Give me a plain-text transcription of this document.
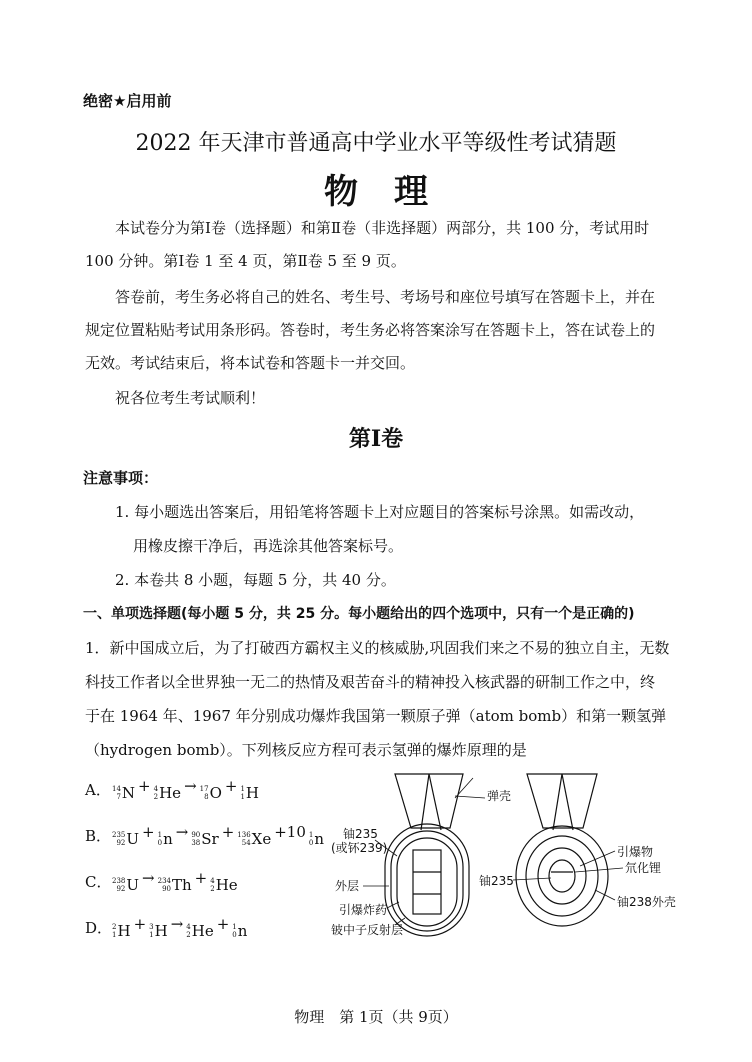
绝密★启用前
2022 年天津市普通高中学业水平等级性考试猜题
物理
本试卷分为第Ⅰ卷（选择题）和第Ⅱ卷（非选择题）两部分，共 100 分，考试用时
100 分钟。第Ⅰ卷 1 至 4 页，第Ⅱ卷 5 至 9 页。
答卷前，考生务必将自己的姓名、考生号、考场号和座位号填写在答题卡上，并在
规定位置粘贴考试用条形码。答卷时，考生务必将答案涂写在答题卡上，答在试卷上的
无效。考试结束后，将本试卷和答题卡一并交回。
祝各位考生考试顺利！
第Ⅰ卷
注意事项：
1. 每小题选出答案后，用铅笔将答题卡上对应题目的答案标号涂黑。如需改动，
用橡皮擦干净后，再选涂其他答案标号。
2. 本卷共 8 小题，每题 5 分，共 40 分。
一、单项选择题(每小题 5 分，共 25 分。每小题给出的四个选项中，只有一个是正确的)
1．新中国成立后，为了打破西方霸权主义的核威胁,巩固我们来之不易的独立自主，无数
科技工作者以全世界独一无二的热情及艰苦奋斗的精神投入核武器的研制工作之中，终
于在 1964 年、1967 年分别成功爆炸我国第一颗原子弹（atom bomb）和第一颗氢弹
（hydrogen bomb）。下列核反应方程可表示氢弹的爆炸原理的是
A． 14
7 N + 4
2 He → 17
8 O + 1
1 H
B． 235
92 U + 1
0 n → 90
38 Sr + 136
54 Xe +10 1
0 n
C． 238
92 U → 234
90 Th + 4
2 He
D． 2
1 H + 3
1 H → 4
2 He + 1
0 n
弹壳
铀235
(或钚239)
外层
引爆炸药
铍中子反射层
引爆物
氘化锂
铀235
铀238外壳
物理　第 1页（共 9页）
